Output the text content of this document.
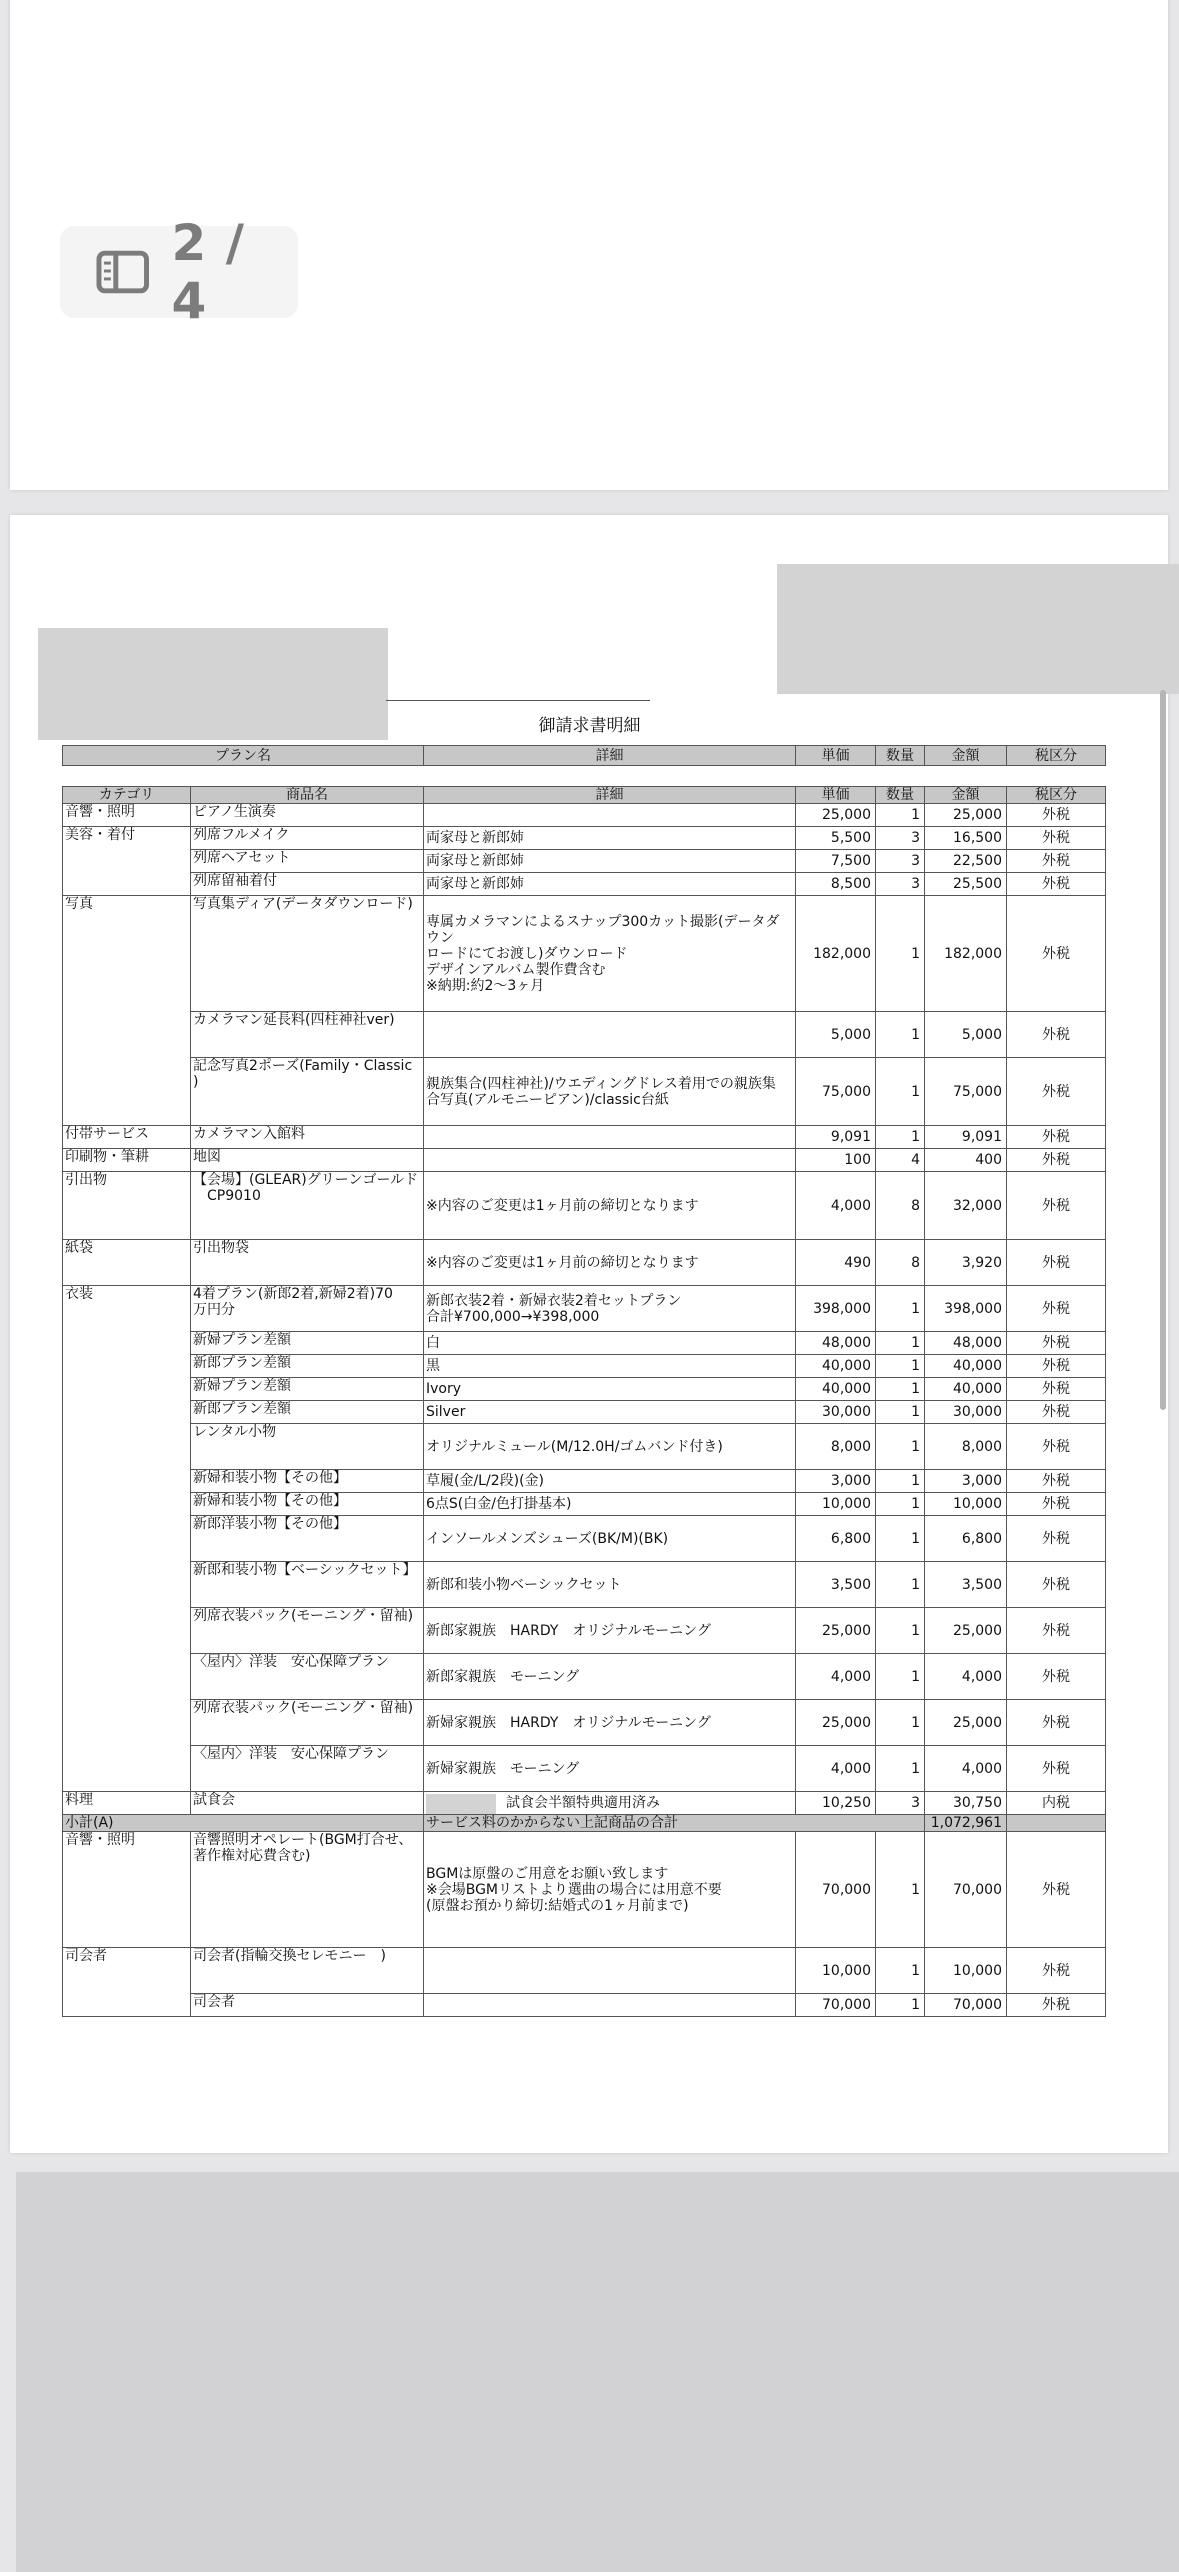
2 / 4
御請求書明細
プラン名	詳細	単価	数量	金額	税区分
カテゴリ	商品名	詳細	単価	数量	金額	税区分
音響・照明	ピアノ生演奏		25,000	1	25,000	外税
美容・着付	列席フルメイク	両家母と新郎姉	5,500	3	16,500	外税
	列席ヘアセット	両家母と新郎姉	7,500	3	22,500	外税
	列席留袖着付	両家母と新郎姉	8,500	3	25,500	外税
写真	写真集ディア(データダウンロード)	専属カメラマンによるスナップ300カット撮影(データダウン
ロードにてお渡し)ダウンロード
デザインアルバム製作費含む
※納期:約2～3ヶ月	182,000	1	182,000	外税
	カメラマン延長料(四柱神社ver)		5,000	1	5,000	外税
	記念写真2ポーズ(Family・Classic
)	親族集合(四柱神社)/ウエディングドレス着用での親族集
合写真(アルモニーピアン)/classic台紙	75,000	1	75,000	外税
付帯サービス	カメラマン入館料		9,091	1	9,091	外税
印刷物・筆耕	地図		100	4	400	外税
引出物	【会場】(GLEAR)グリーンゴールド
　CP9010	※内容のご変更は1ヶ月前の締切となります	4,000	8	32,000	外税
紙袋	引出物袋	※内容のご変更は1ヶ月前の締切となります	490	8	3,920	外税
衣装	4着プラン(新郎2着,新婦2着)70
万円分	新郎衣装2着・新婦衣装2着セットプラン
合計¥700,000→¥398,000	398,000	1	398,000	外税
	新婦プラン差額	白	48,000	1	48,000	外税
	新郎プラン差額	黒	40,000	1	40,000	外税
	新婦プラン差額	Ivory	40,000	1	40,000	外税
	新郎プラン差額	Silver	30,000	1	30,000	外税
	レンタル小物	オリジナルミュール(M/12.0H/ゴムバンド付き)	8,000	1	8,000	外税
	新婦和装小物【その他】	草履(金/L/2段)(金)	3,000	1	3,000	外税
	新婦和装小物【その他】	6点S(白金/色打掛基本)	10,000	1	10,000	外税
	新郎洋装小物【その他】	インソールメンズシューズ(BK/M)(BK)	6,800	1	6,800	外税
	新郎和装小物【ベーシックセット】	新郎和装小物ベーシックセット	3,500	1	3,500	外税
	列席衣装パック(モーニング・留袖)	新郎家親族　HARDY　オリジナルモーニング	25,000	1	25,000	外税
	〈屋内〉洋装　安心保障プラン	新郎家親族　モーニング	4,000	1	4,000	外税
	列席衣装パック(モーニング・留袖)	新婦家親族　HARDY　オリジナルモーニング	25,000	1	25,000	外税
	〈屋内〉洋装　安心保障プラン	新婦家親族　モーニング	4,000	1	4,000	外税
料理	試食会	試食会半額特典適用済み	10,250	3	30,750	内税
小計(A)		サービス料のかからない上記商品の合計			1,072,961	
音響・照明	音響照明オペレート(BGM打合せ、
著作権対応費含む)	BGMは原盤のご用意をお願い致します
※会場BGMリストより選曲の場合には用意不要
(原盤お預かり締切:結婚式の1ヶ月前まで)	70,000	1	70,000	外税
司会者	司会者(指輪交換セレモニー　)		10,000	1	10,000	外税
	司会者		70,000	1	70,000	外税
